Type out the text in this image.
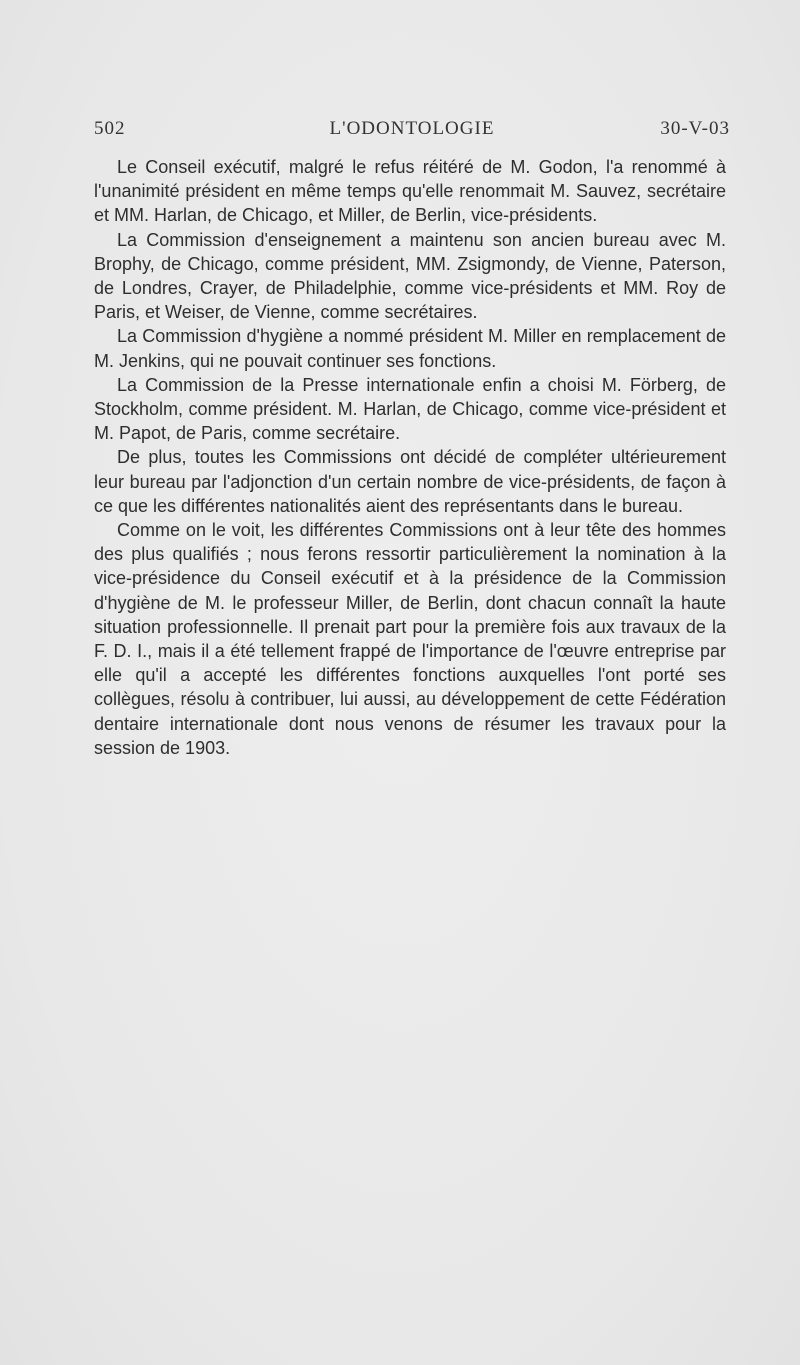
502	L'ODONTOLOGIE	30-V-03

Le Conseil exécutif, malgré le refus réitéré de M. Godon, l'a renommé à l'unanimité président en même temps qu'elle renommait M. Sauvez, secrétaire et MM. Harlan, de Chicago, et Miller, de Berlin, vice-présidents.

La Commission d'enseignement a maintenu son ancien bureau avec M. Brophy, de Chicago, comme président, MM. Zsigmondy, de Vienne, Paterson, de Londres, Crayer, de Philadelphie, comme vice-présidents et MM. Roy de Paris, et Weiser, de Vienne, comme secrétaires.

La Commission d'hygiène a nommé président M. Miller en remplacement de M. Jenkins, qui ne pouvait continuer ses fonctions.

La Commission de la Presse internationale enfin a choisi M. Förberg, de Stockholm, comme président. M. Harlan, de Chicago, comme vice-président et M. Papot, de Paris, comme secrétaire.

De plus, toutes les Commissions ont décidé de compléter ultérieurement leur bureau par l'adjonction d'un certain nombre de vice-présidents, de façon à ce que les différentes nationalités aient des représentants dans le bureau.

Comme on le voit, les différentes Commissions ont à leur tête des hommes des plus qualifiés ; nous ferons ressortir particulièrement la nomination à la vice-présidence du Conseil exécutif et à la présidence de la Commission d'hygiène de M. le professeur Miller, de Berlin, dont chacun connaît la haute situation professionnelle. Il prenait part pour la première fois aux travaux de la F. D. I., mais il a été tellement frappé de l'importance de l'œuvre entreprise par elle qu'il a accepté les différentes fonctions auxquelles l'ont porté ses collègues, résolu à contribuer, lui aussi, au développement de cette Fédération dentaire internationale dont nous venons de résumer les travaux pour la session de 1903.
